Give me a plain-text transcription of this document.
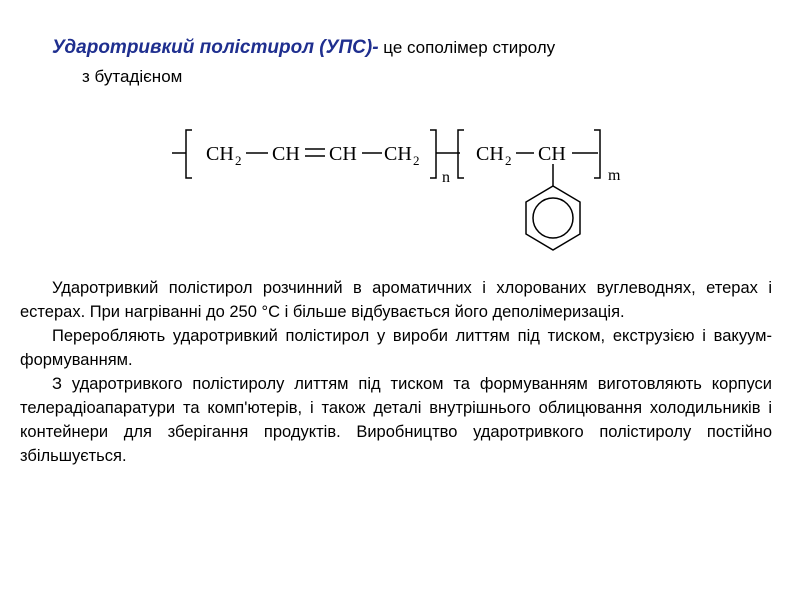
Ударотривкий полістирол (УПС)- це сополімер стиролу
з бутадієном
CH 2 CH CH CH 2
n
CH 2 CH
m

Ударотривкий полістирол розчинний в ароматичних і хлорованих вуглеводнях, етерах і естерах. При нагріванні до 250 °С і більше відбувається його деполімеризація.

Переробляють ударотривкий полістирол у вироби литтям під тиском, екструзією і вакуум-формуванням.

З ударотривкого полістиролу литтям під тиском та формуванням виготовляють корпуси телерадіоапаратури та комп'ютерів, і також деталі внутрішнього облицювання холодильників і контейнери для зберігання продуктів. Виробництво ударотривкого полістиролу постійно збільшується.
